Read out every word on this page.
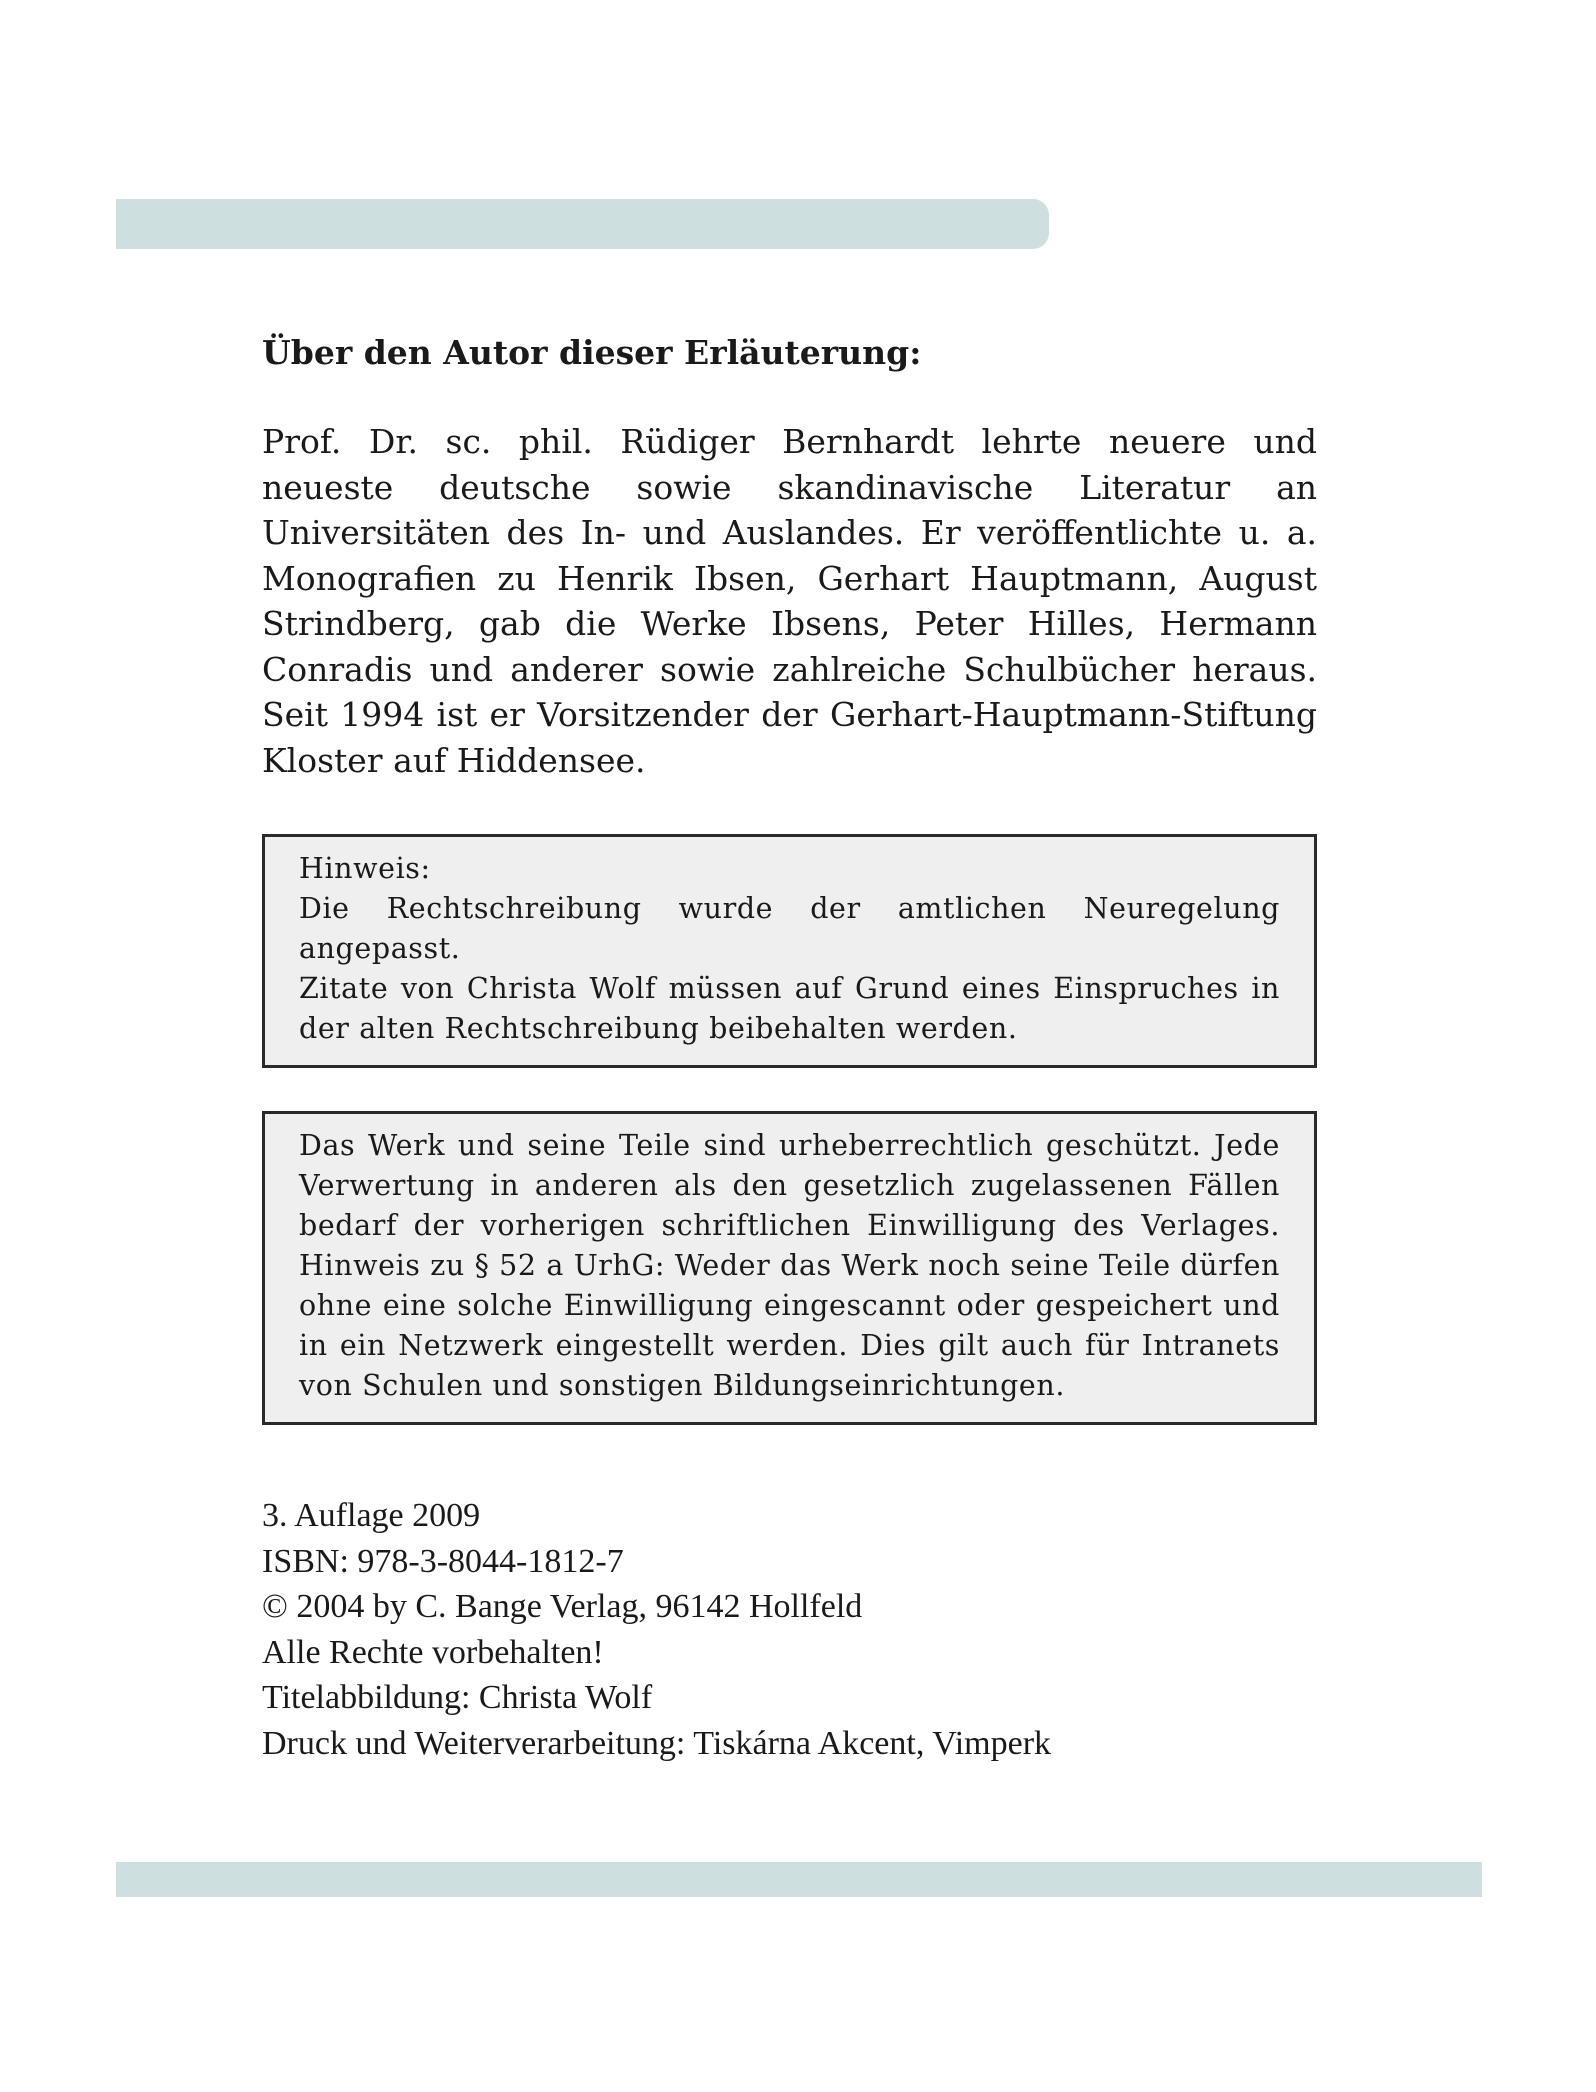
Über den Autor dieser Erläuterung:

Prof. Dr. sc. phil. Rüdiger Bernhardt lehrte neuere und neueste deutsche sowie skandinavische Literatur an Universitäten des In- und Auslandes. Er veröffentlichte u. a. Monografien zu Henrik Ibsen, Gerhart Hauptmann, August Strindberg, gab die Werke Ibsens, Peter Hilles, Hermann Conradis und anderer sowie zahlreiche Schulbücher heraus. Seit 1994 ist er Vorsitzender der Gerhart-Hauptmann-Stiftung Kloster auf Hiddensee.

Hinweis:
Die Rechtschreibung wurde der amtlichen Neuregelung angepasst.
Zitate von Christa Wolf müssen auf Grund eines Einspruches in der alten Rechtschreibung beibehalten werden.
Das Werk und seine Teile sind urheberrechtlich geschützt. Jede Verwertung in anderen als den gesetzlich zugelassenen Fällen bedarf der vorherigen schriftlichen Einwilligung des Verlages. Hinweis zu § 52 a UrhG: Weder das Werk noch seine Teile dürfen ohne eine solche Einwilligung eingescannt oder gespeichert und in ein Netzwerk eingestellt werden. Dies gilt auch für Intranets von Schulen und sonstigen Bildungseinrichtungen.
3. Auflage 2009
ISBN: 978-3-8044-1812-7
© 2004 by C. Bange Verlag, 96142 Hollfeld
Alle Rechte vorbehalten!
Titelabbildung: Christa Wolf
Druck und Weiterverarbeitung: Tiskárna Akcent, Vimperk
